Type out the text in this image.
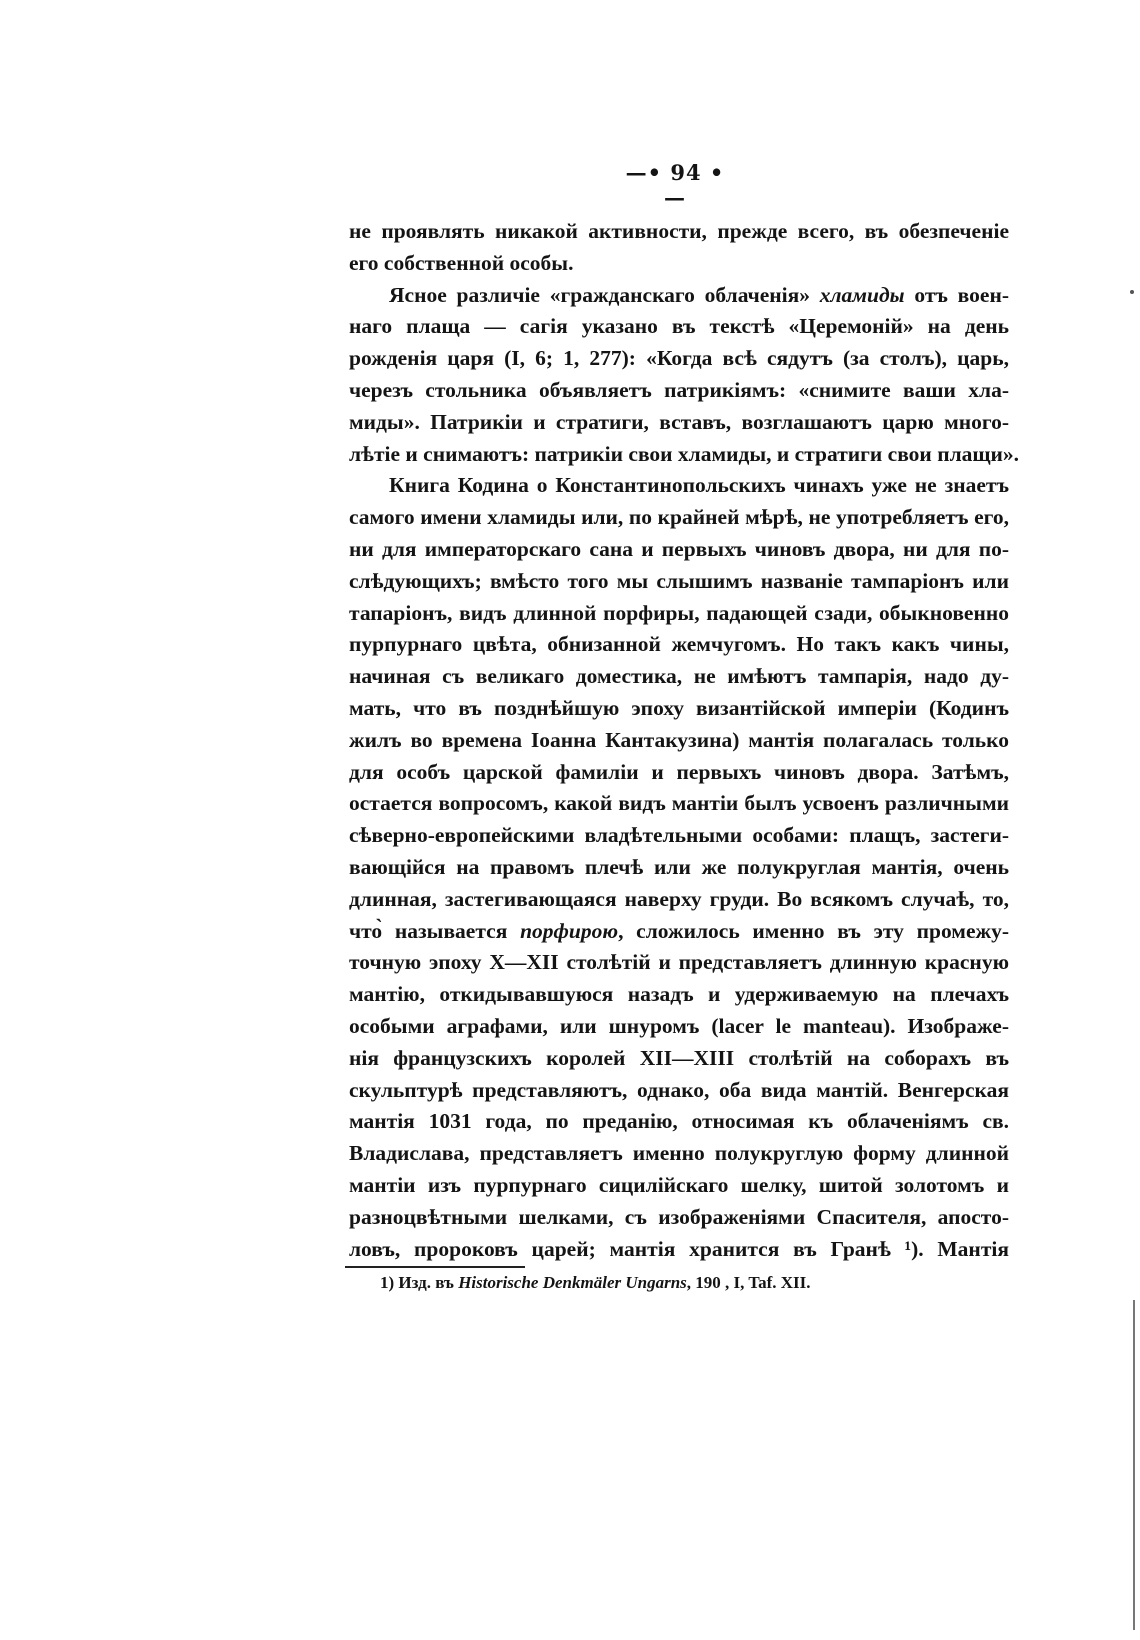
—• 94 •—
не проявлять никакой активности, прежде всего, въ обезпеченіе
его собственной особы.
Ясное различіе «гражданскаго облаченія» хламиды отъ воен-
наго плаща — сагія указано въ текстѣ «Церемоній» на день
рожденія царя (I, 6; 1, 277): «Когда всѣ сядутъ (за столъ), царь,
черезъ стольника объявляетъ патрикіямъ: «снимите ваши хла-
миды». Патрикіи и стратиги, вставъ, возглашаютъ царю много-
лѣтіе и снимаютъ: патрикіи свои хламиды, и стратиги свои плащи».
Книга Кодина о Константинопольскихъ чинахъ уже не знаетъ
самого имени хламиды или, по крайней мѣрѣ, не употребляетъ его,
ни для императорскаго сана и первыхъ чиновъ двора, ни для по-
слѣдующихъ; вмѣсто того мы слышимъ названіе тампаріонъ или
тапаріонъ, видъ длинной порфиры, падающей сзади, обыкновенно
пурпурнаго цвѣта, обнизанной жемчугомъ. Но такъ какъ чины,
начиная съ великаго доместика, не имѣютъ тампарія, надо ду-
мать, что въ позднѣйшую эпоху византійской имперіи (Кодинъ
жилъ во времена Іоанна Кантакузина) мантія полагалась только
для особъ царской фамиліи и первыхъ чиновъ двора. Затѣмъ,
остается вопросомъ, какой видъ мантіи былъ усвоенъ различными
сѣверно-европейскими владѣтельными особами: плащъ, застеги-
вающійся на правомъ плечѣ или же полукруглая мантія, очень
длинная, застегивающаяся наверху груди. Во всякомъ случаѣ, то,
что̀ называется порфирою, сложилось именно въ эту промежу-
точную эпоху X—XII столѣтій и представляетъ длинную красную
мантію, откидывавшуюся назадъ и удерживаемую на плечахъ
особыми аграфами, или шнуромъ (lacer le manteau). Изображе-
нія французскихъ королей XII—XIII столѣтій на соборахъ въ
скульптурѣ представляютъ, однако, оба вида мантій. Венгерская
мантія 1031 года, по преданію, относимая къ облаченіямъ св.
Владислава, представляетъ именно полукруглую форму длинной
мантіи изъ пурпурнаго сицилійскаго шелку, шитой золотомъ и
разноцвѣтными шелками, съ изображеніями Спасителя, апосто-
ловъ, пророковъ царей; мантія хранится въ Гранѣ ¹). Мантія
1) Изд. въ Historische Denkmäler Ungarns, 190 , I, Taf. XII.
